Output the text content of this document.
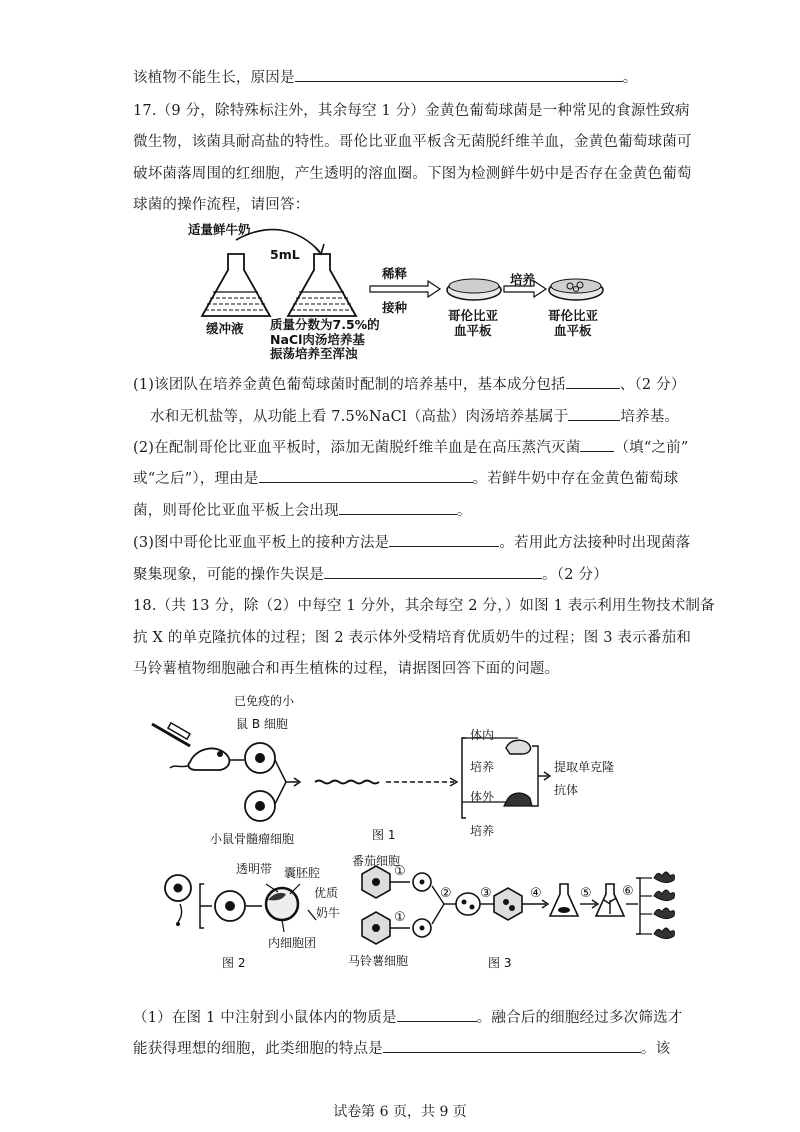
该植物不能生长，原因是	。
17.（9 分，除特殊标注外，其余每空 1 分）金黄色葡萄球菌是一种常见的食源性致病
微生物，该菌具耐高盐的特性。哥伦比亚血平板含无菌脱纤维羊血，金黄色葡萄球菌可
破坏菌落周围的红细胞，产生透明的溶血圈。下图为检测鲜牛奶中是否存在金黄色葡萄
球菌的操作流程，请回答：
适量鲜牛奶
5mL
缓冲液 质量分数为7.5%的
NaCl肉汤培养基
振荡培养至浑浊
稀释
接种
培养
哥伦比亚
血平板
哥伦比亚
血平板
(1)该团队在培养金黄色葡萄球菌时配制的培养基中，基本成分包括	、（2 分）
水和无机盐等，从功能上看 7.5%NaCl（高盐）肉汤培养基属于	培养基。
(2)在配制哥伦比亚血平板时，添加无菌脱纤维羊血是在高压蒸汽灭菌 （填“之前”
或“之后”），理由是	。若鲜牛奶中存在金黄色葡萄球
菌，则哥伦比亚血平板上会出现	。
(3)图中哥伦比亚血平板上的接种方法是	。若用此方法接种时出现菌落
聚集现象，可能的操作失误是	。（2 分）
18.（共 13 分，除（2）中每空 1 分外，其余每空 2 分，）如图 1 表示利用生物技术制备
抗 X 的单克隆抗体的过程；图 2 表示体外受精培育优质奶牛的过程；图 3 表示番茄和
马铃薯植物细胞融合和再生植株的过程，请据图回答下面的问题。
已免疫的小
鼠 B 细胞
小鼠骨髓瘤细胞	图 1
体内
培养
体外
培养
提取单克隆
抗体
透明带 囊胚腔
优质
奶牛
内细胞团
图 2
番茄细胞
马铃薯细胞	图 3
①
①
② ③	④	⑤ ⑥
（1）在图 1 中注射到小鼠体内的物质是	。融合后的细胞经过多次筛选才
能获得理想的细胞，此类细胞的特点是	。该
试卷第 6 页，共 9 页
